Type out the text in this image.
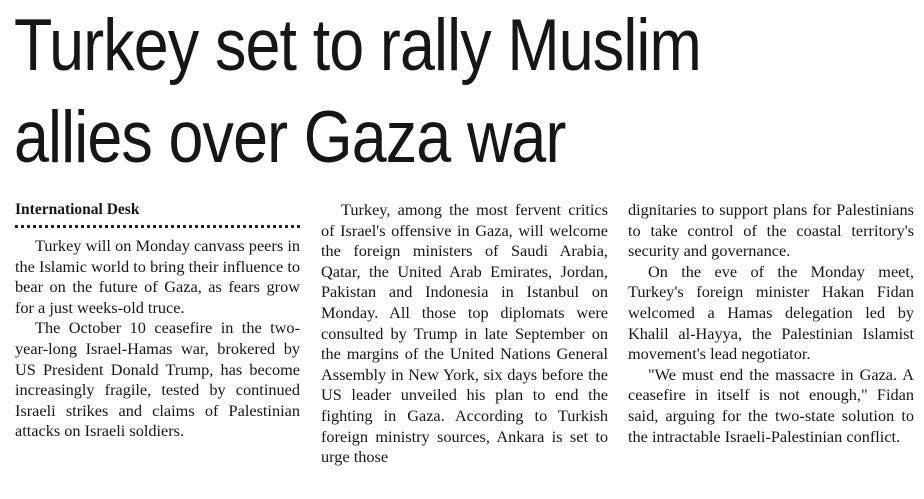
Turkey set to rally Muslim
allies over Gaza war
International Desk

Turkey will on Monday canvass peers in the Islamic world to bring their influence to bear on the future of Gaza, as fears grow for a just weeks-old truce.

The October 10 ceasefire in the two-year-long Israel-Hamas war, brokered by US President Donald Trump, has become increasingly fragile, tested by continued Israeli strikes and claims of Palestinian attacks on Israeli soldiers.

Turkey, among the most fervent critics of Israel's offensive in Gaza, will welcome the foreign ministers of Saudi Arabia, Qatar, the United Arab Emirates, Jordan, Pakistan and Indonesia in Istanbul on Monday. All those top diplomats were consulted by Trump in late September on the margins of the United Nations General Assembly in New York, six days before the US leader unveiled his plan to end the fighting in Gaza. According to Turkish foreign ministry sources, Ankara is set to urge those

dignitaries to support plans for Palestinians to take control of the coastal territory's security and governance.

On the eve of the Monday meet, Turkey's foreign minister Hakan Fidan welcomed a Hamas delegation led by Khalil al-Hayya, the Palestinian Islamist movement's lead negotiator.

"We must end the massacre in Gaza. A ceasefire in itself is not enough," Fidan said, arguing for the two-state solution to the intractable Israeli-Palestinian conflict.
